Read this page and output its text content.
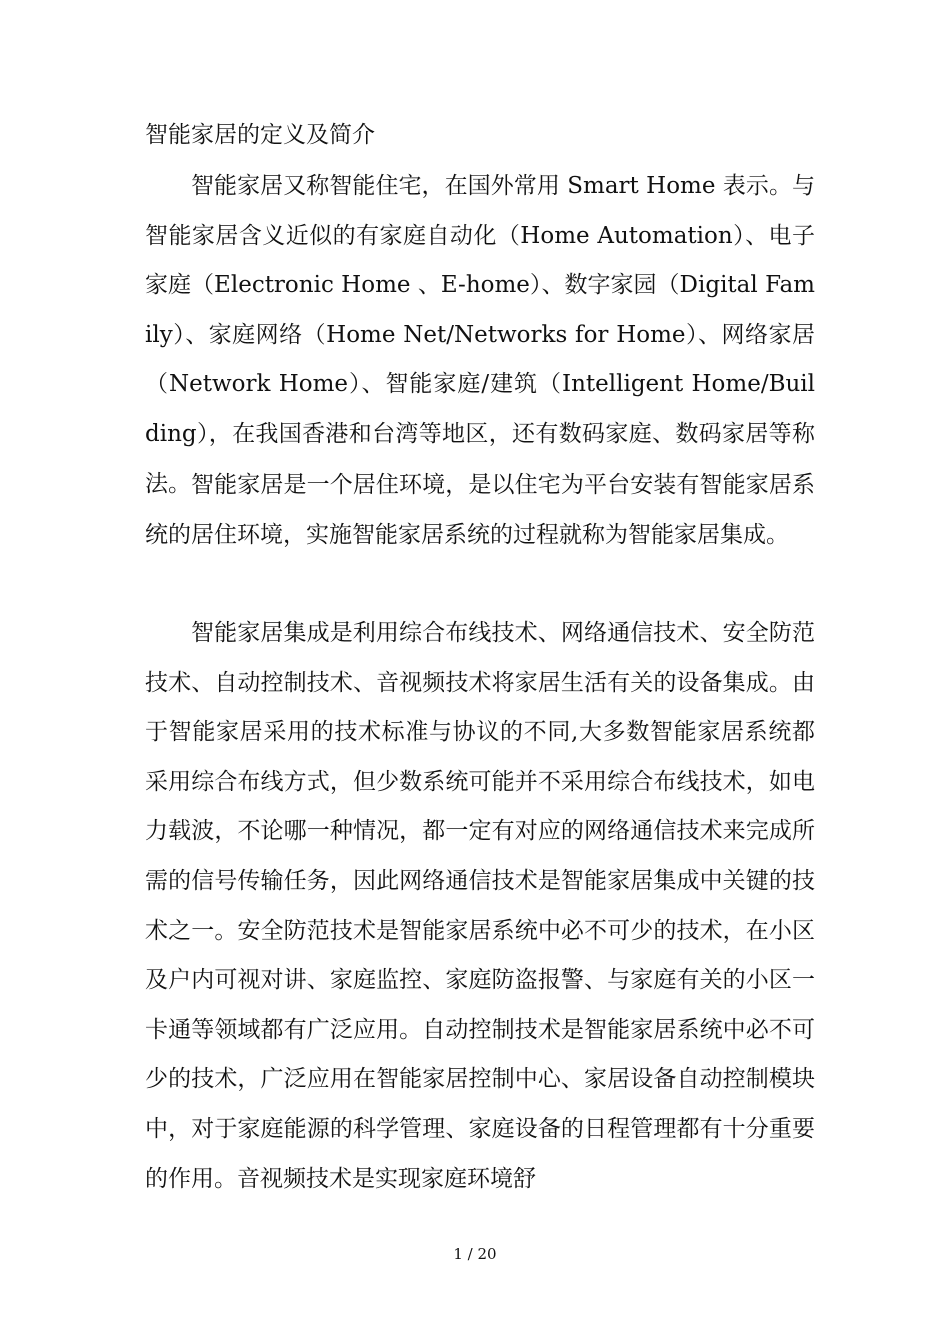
智能家居的定义及简介

智能家居又称智能住宅，在国外常用 Smart Home 表示。与智能家居含义近似的有家庭自动化（Home Automation）、电子家庭（Electronic Home 、E-home）、数字家园（Digital Family）、家庭网络（Home Net/Networks for Home）、网络家居（Network Home）、智能家庭/建筑（Intelligent Home/Building），在我国香港和台湾等地区，还有数码家庭、数码家居等称法。 智能家居是一个居住环境，是以住宅为平台安装有智能家居系统的居住环境，实施智能家居系统的过程就称为智能家居集成。

智能家居集成是利用综合布线技术、网络通信技术、安全防范技术、自动控制技术、音视频技术将家居生活有关的设备集成。由于智能家居采用的技术标准与协议的不同,大多数智能家居系统都采用综合布线方式，但少数系统可能并不采用综合布线技术，如电力载波，不论哪一种情况，都一定有对应的网络通信技术来完成所需的信号传输任务，因此网络通信技术是智能家居集成中关键的技术之一。安全防范技术是智能家居系统中必不可少的技术，在小区及户内可视对讲、家庭监控、家庭防盗报警、与家庭有关的小区一卡通等领域都有广泛应用。自动控制技术是智能家居系统中必不可少的技术，广泛应用在智能家居控制中心、家居设备自动控制模块中，对于家庭能源的科学管理、家庭设备的日程管理都有十分重要的作用。音视频技术是实现家庭环境舒

1 / 20
